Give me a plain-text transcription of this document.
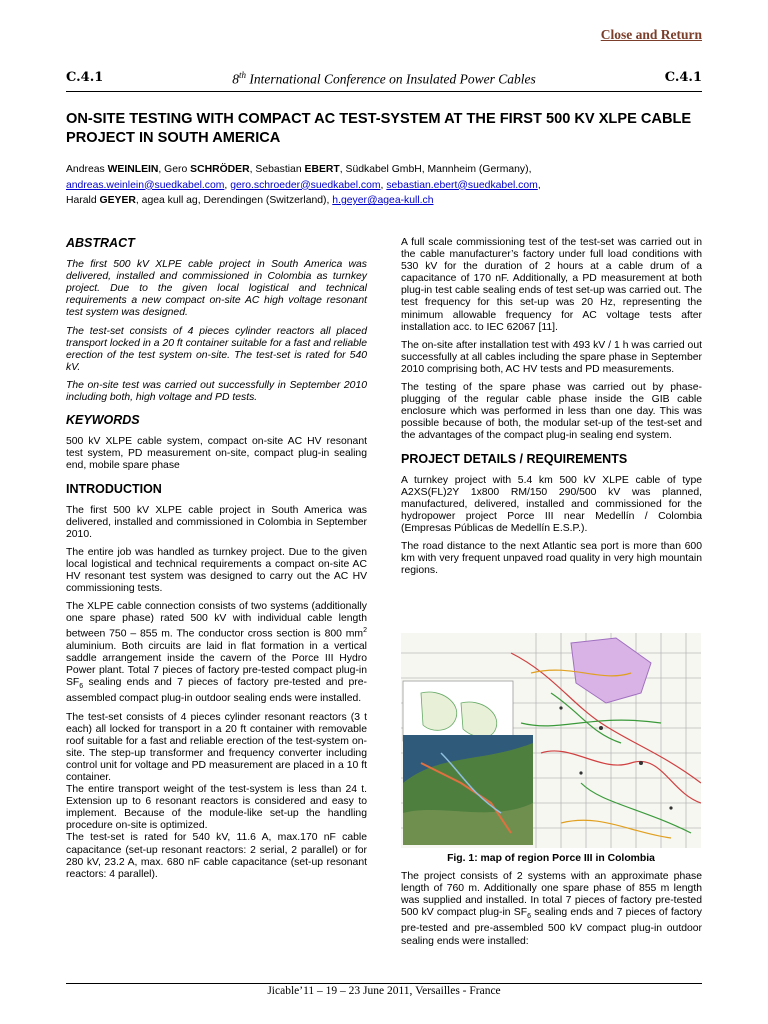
Close and Return
C.4.1	8th International Conference on Insulated Power Cables	C.4.1
ON-SITE TESTING WITH COMPACT AC TEST-SYSTEM AT THE FIRST 500 KV XLPE CABLE PROJECT IN SOUTH AMERICA
Andreas WEINLEIN, Gero SCHRÖDER, Sebastian EBERT, Südkabel GmbH, Mannheim (Germany),
andreas.weinlein@suedkabel.com, gero.schroeder@suedkabel.com, sebastian.ebert@suedkabel.com,
Harald GEYER, agea kull ag, Derendingen (Switzerland), h.geyer@agea-kull.ch
ABSTRACT

The first 500 kV XLPE cable project in South America was delivered, installed and commissioned in Colombia as turnkey project. Due to the given local logistical and technical requirements a new compact on-site AC high voltage resonant test system was designed.

The test-set consists of 4 pieces cylinder reactors all placed transport locked in a 20 ft container suitable for a fast and reliable erection of the test system on-site. The test-set is rated for 540 kV.

The on-site test was carried out successfully in September 2010 including both, high voltage and PD tests.

KEYWORDS

500 kV XLPE cable system, compact on-site AC HV resonant test system, PD measurement on-site, compact plug-in sealing end, mobile spare phase

INTRODUCTION

The first 500 kV XLPE cable project in South America was delivered, installed and commissioned in Colombia in September 2010.

The entire job was handled as turnkey project. Due to the given local logistical and technical requirements a compact on-site AC HV resonant test system was designed to carry out the AC HV commissioning tests.

The XLPE cable connection consists of two systems (additionally one spare phase) rated 500 kV with individual cable length between 750 – 855 m. The conductor cross section is 800 $mm^2$ aluminium. Both circuits are laid in flat formation in a vertical saddle arrangement inside the cavern of the Porce III Hydro Power plant. Total 7 pieces of factory pre-tested compact plug-in $SF_6$ sealing ends and 7 pieces of factory pre-tested and pre-assembled compact plug-in outdoor sealing ends were installed.

The test-set consists of 4 pieces cylinder resonant reactors (3 t each) all locked for transport in a 20 ft container with removable roof suitable for a fast and reliable erection of the test-system on-site. The step-up transformer and frequency converter including control unit for voltage and PD measurement are placed in a 10 ft container.

The entire transport weight of the test-system is less than 24 t. Extension up to 6 resonant reactors is considered and easy to implement. Because of the module-like set-up the handling procedure on-site is optimized.

The test-set is rated for 540 kV, 11.6 A, max.170 nF cable capacitance (set-up resonant reactors: 2 serial, 2 parallel) or for 280 kV, 23.2 A, max. 680 nF cable capacitance (set-up resonant reactors: 4 parallel).

A full scale commissioning test of the test-set was carried out in the cable manufacturer’s factory under full load conditions with 530 kV for the duration of 2 hours at a cable drum of a capacitance of 170 nF. Additionally, a PD measurement at both plug-in test cable sealing ends of test set-up was carried out. The test frequency for this set-up was 20 Hz, representing the minimum allowable frequency for AC voltage tests after installation acc. to IEC 62067 [11].

The on-site after installation test with 493 kV / 1 h was carried out successfully at all cables including the spare phase in September 2010 comprising both, AC HV tests and PD measurements.

The testing of the spare phase was carried out by phase-plugging of the regular cable phase inside the GIB cable enclosure which was performed in less than one day. This was possible because of both, the modular set-up of the test-set and the advantages of the compact plug-in sealing end system.

PROJECT DETAILS / REQUIREMENTS

A turnkey project with 5.4 km 500 kV XLPE cable of type A2XS(FL)2Y 1x800 RM/150 290/500 kV was planned, manufactured, delivered, installed and commissioned for the hydropower project Porce III near Medellín / Colombia (Empresas Públicas de Medellín E.S.P.).

The road distance to the next Atlantic sea port is more than 600 km with very frequent unpaved road quality in very high mountain regions.

Fig. 1: map of region Porce III in Colombia

The project consists of 2 systems with an approximate phase length of 760 m. Additionally one spare phase of 855 m length was supplied and installed. In total 7 pieces of factory pre-tested 500 kV compact plug-in $SF_6$ sealing ends and 7 pieces of factory pre-tested and pre-assembled 500 kV compact plug-in outdoor sealing ends were installed:

Jicable’11 – 19 – 23 June 2011, Versailles - France
